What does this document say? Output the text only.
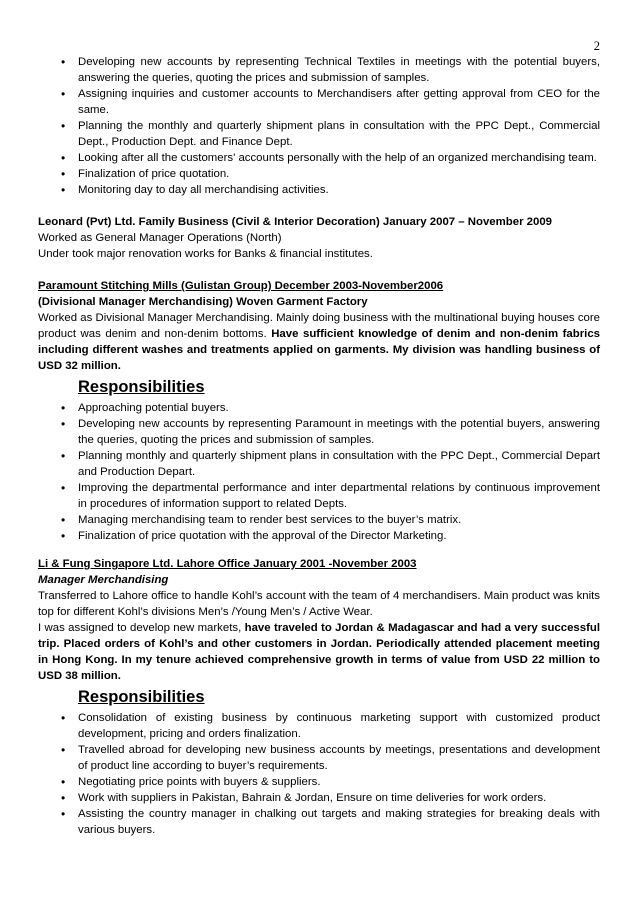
2
• Developing new accounts by representing Technical Textiles in meetings with the potential buyers, answering the queries, quoting the prices and submission of samples.
• Assigning inquiries and customer accounts to Merchandisers after getting approval from CEO for the same.
• Planning the monthly and quarterly shipment plans in consultation with the PPC Dept., Commercial Dept., Production Dept. and Finance Dept.
• Looking after all the customers' accounts personally with the help of an organized merchandising team.
• Finalization of price quotation.
• Monitoring day to day all merchandising activities.

Leonard (Pvt) Ltd. Family Business (Civil & Interior Decoration) January 2007 – November 2009

Worked as General Manager Operations (North)

Under took major renovation works for Banks & financial institutes.

Paramount Stitching Mills (Gulistan Group) December 2003-November2006

(Divisional Manager Merchandising) Woven Garment Factory

Worked as Divisional Manager Merchandising. Mainly doing business with the multinational buying houses core product was denim and non-denim bottoms. Have sufficient knowledge of denim and non-denim fabrics including different washes and treatments applied on garments. My division was handling business of USD 32 million.

Responsibilities
• Approaching potential buyers.
• Developing new accounts by representing Paramount in meetings with the potential buyers, answering the queries, quoting the prices and submission of samples.
• Planning monthly and quarterly shipment plans in consultation with the PPC Dept., Commercial Depart and Production Depart.
• Improving the departmental performance and inter departmental relations by continuous improvement in procedures of information support to related Depts.
• Managing merchandising team to render best services to the buyer’s matrix.
• Finalization of price quotation with the approval of the Director Marketing.

Li & Fung Singapore Ltd. Lahore Office January 2001 -November 2003

Manager Merchandising

Transferred to Lahore office to handle Kohl’s account with the team of 4 merchandisers. Main product was knits top for different Kohl’s divisions Men’s /Young Men’s / Active Wear.

I was assigned to develop new markets, have traveled to Jordan & Madagascar and had a very successful trip. Placed orders of Kohl’s and other customers in Jordan. Periodically attended placement meeting in Hong Kong. In my tenure achieved comprehensive growth in terms of value from USD 22 million to USD 38 million.

Responsibilities
• Consolidation of existing business by continuous marketing support with customized product development, pricing and orders finalization.
• Travelled abroad for developing new business accounts by meetings, presentations and development of product line according to buyer’s requirements.
• Negotiating price points with buyers & suppliers.
• Work with suppliers in Pakistan, Bahrain & Jordan, Ensure on time deliveries for work orders.
• Assisting the country manager in chalking out targets and making strategies for breaking deals with various buyers.
